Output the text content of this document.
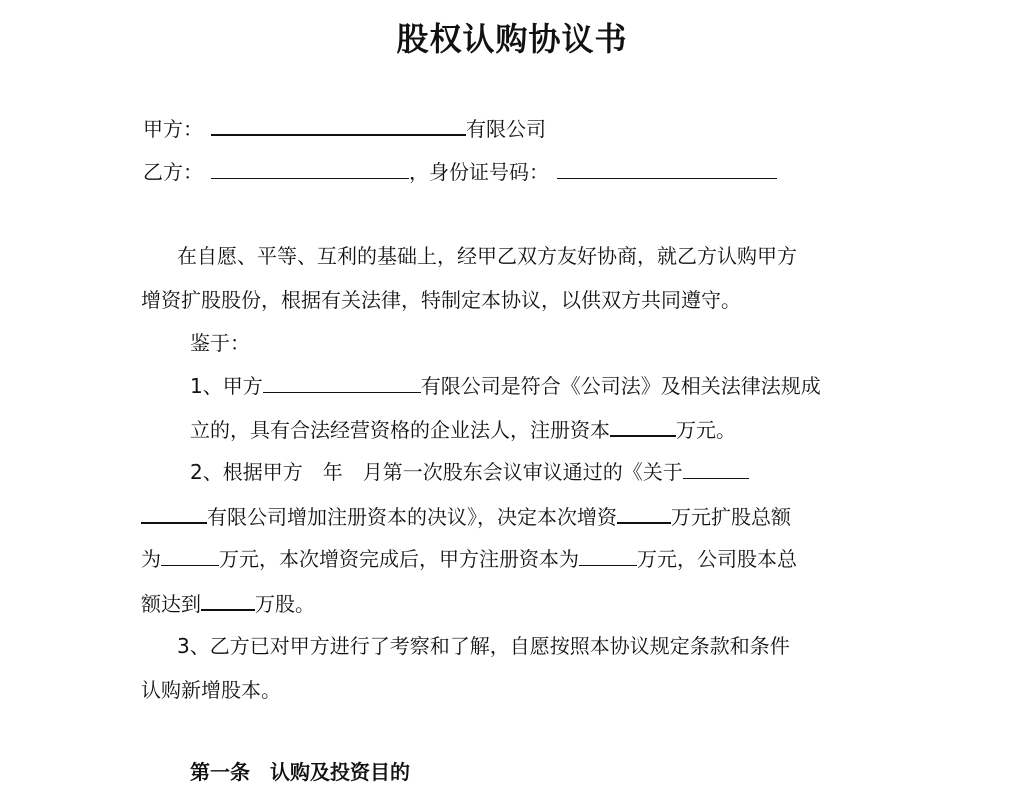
股权认购协议书
甲方：	有限公司
乙方：	，身份证号码：
在自愿、平等、互利的基础上，经甲乙双方友好协商，就乙方认购甲方
增资扩股股份，根据有关法律，特制定本协议，以供双方共同遵守。
鉴于：
1、甲方	有限公司是符合《公司法》及相关法律法规成
立的，具有合法经营资格的企业法人，注册资本	万元。
2、根据甲方　年　月第一次股东会议审议通过的《关于
有限公司增加注册资本的决议》，决定本次增资	万元扩股总额
为	万元，本次增资完成后，甲方注册资本为	万元，公司股本总
额达到	万股。
3、乙方已对甲方进行了考察和了解，自愿按照本协议规定条款和条件
认购新增股本。
第一条　认购及投资目的
